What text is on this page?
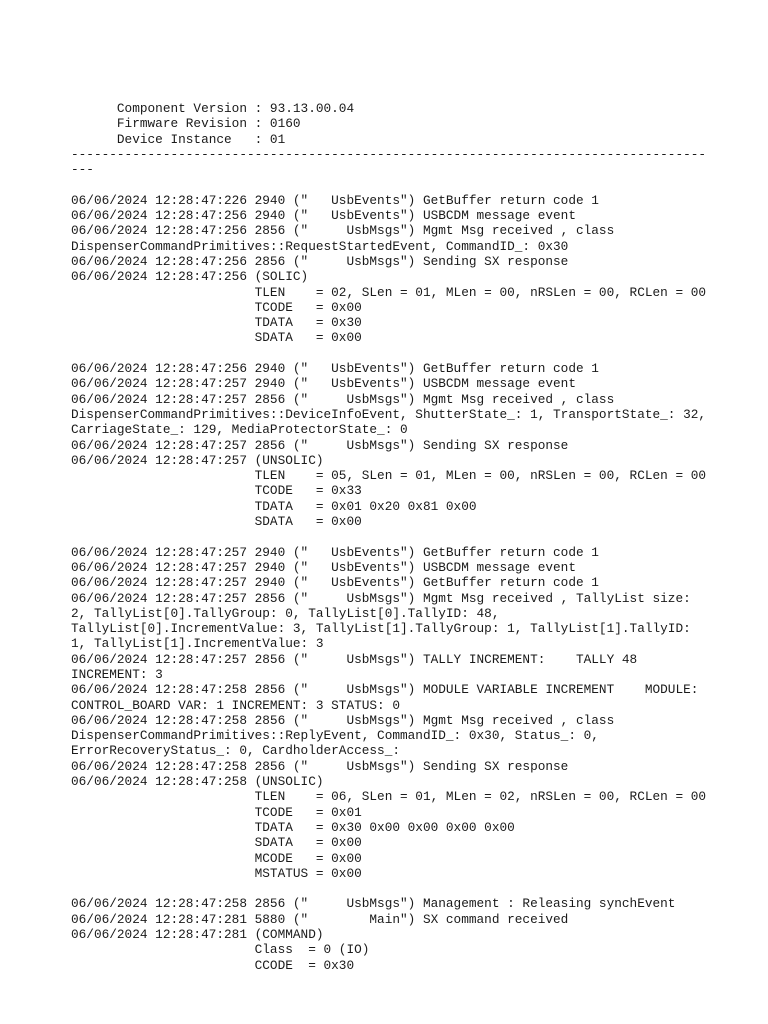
Component Version : 93.13.00.04
Firmware Revision : 0160
Device Instance   : 01
-----------------------------------------------------------------------------------
---
06/06/2024 12:28:47:226 2940 ("   UsbEvents") GetBuffer return code 1
06/06/2024 12:28:47:256 2940 ("   UsbEvents") USBCDM message event
06/06/2024 12:28:47:256 2856 ("     UsbMsgs") Mgmt Msg received , class
DispenserCommandPrimitives::RequestStartedEvent, CommandID_: 0x30
06/06/2024 12:28:47:256 2856 ("     UsbMsgs") Sending SX response
06/06/2024 12:28:47:256 (SOLIC)
TLEN    = 02, SLen = 01, MLen = 00, nRSLen = 00, RCLen = 00
TCODE   = 0x00
TDATA   = 0x30
SDATA   = 0x00
06/06/2024 12:28:47:256 2940 ("   UsbEvents") GetBuffer return code 1
06/06/2024 12:28:47:257 2940 ("   UsbEvents") USBCDM message event
06/06/2024 12:28:47:257 2856 ("     UsbMsgs") Mgmt Msg received , class
DispenserCommandPrimitives::DeviceInfoEvent, ShutterState_: 1, TransportState_: 32,
CarriageState_: 129, MediaProtectorState_: 0
06/06/2024 12:28:47:257 2856 ("     UsbMsgs") Sending SX response
06/06/2024 12:28:47:257 (UNSOLIC)
TLEN    = 05, SLen = 01, MLen = 00, nRSLen = 00, RCLen = 00
TCODE   = 0x33
TDATA   = 0x01 0x20 0x81 0x00
SDATA   = 0x00
06/06/2024 12:28:47:257 2940 ("   UsbEvents") GetBuffer return code 1
06/06/2024 12:28:47:257 2940 ("   UsbEvents") USBCDM message event
06/06/2024 12:28:47:257 2940 ("   UsbEvents") GetBuffer return code 1
06/06/2024 12:28:47:257 2856 ("     UsbMsgs") Mgmt Msg received , TallyList size:
2, TallyList[0].TallyGroup: 0, TallyList[0].TallyID: 48,
TallyList[0].IncrementValue: 3, TallyList[1].TallyGroup: 1, TallyList[1].TallyID:
1, TallyList[1].IncrementValue: 3
06/06/2024 12:28:47:257 2856 ("     UsbMsgs") TALLY INCREMENT:    TALLY 48
INCREMENT: 3
06/06/2024 12:28:47:258 2856 ("     UsbMsgs") MODULE VARIABLE INCREMENT    MODULE:
CONTROL_BOARD VAR: 1 INCREMENT: 3 STATUS: 0
06/06/2024 12:28:47:258 2856 ("     UsbMsgs") Mgmt Msg received , class
DispenserCommandPrimitives::ReplyEvent, CommandID_: 0x30, Status_: 0,
ErrorRecoveryStatus_: 0, CardholderAccess_:
06/06/2024 12:28:47:258 2856 ("     UsbMsgs") Sending SX response
06/06/2024 12:28:47:258 (UNSOLIC)
TLEN    = 06, SLen = 01, MLen = 02, nRSLen = 00, RCLen = 00
TCODE   = 0x01
TDATA   = 0x30 0x00 0x00 0x00 0x00
SDATA   = 0x00
MCODE   = 0x00
MSTATUS = 0x00
06/06/2024 12:28:47:258 2856 ("     UsbMsgs") Management : Releasing synchEvent
06/06/2024 12:28:47:281 5880 ("        Main") SX command received
06/06/2024 12:28:47:281 (COMMAND)
Class  = 0 (IO)
CCODE  = 0x30
